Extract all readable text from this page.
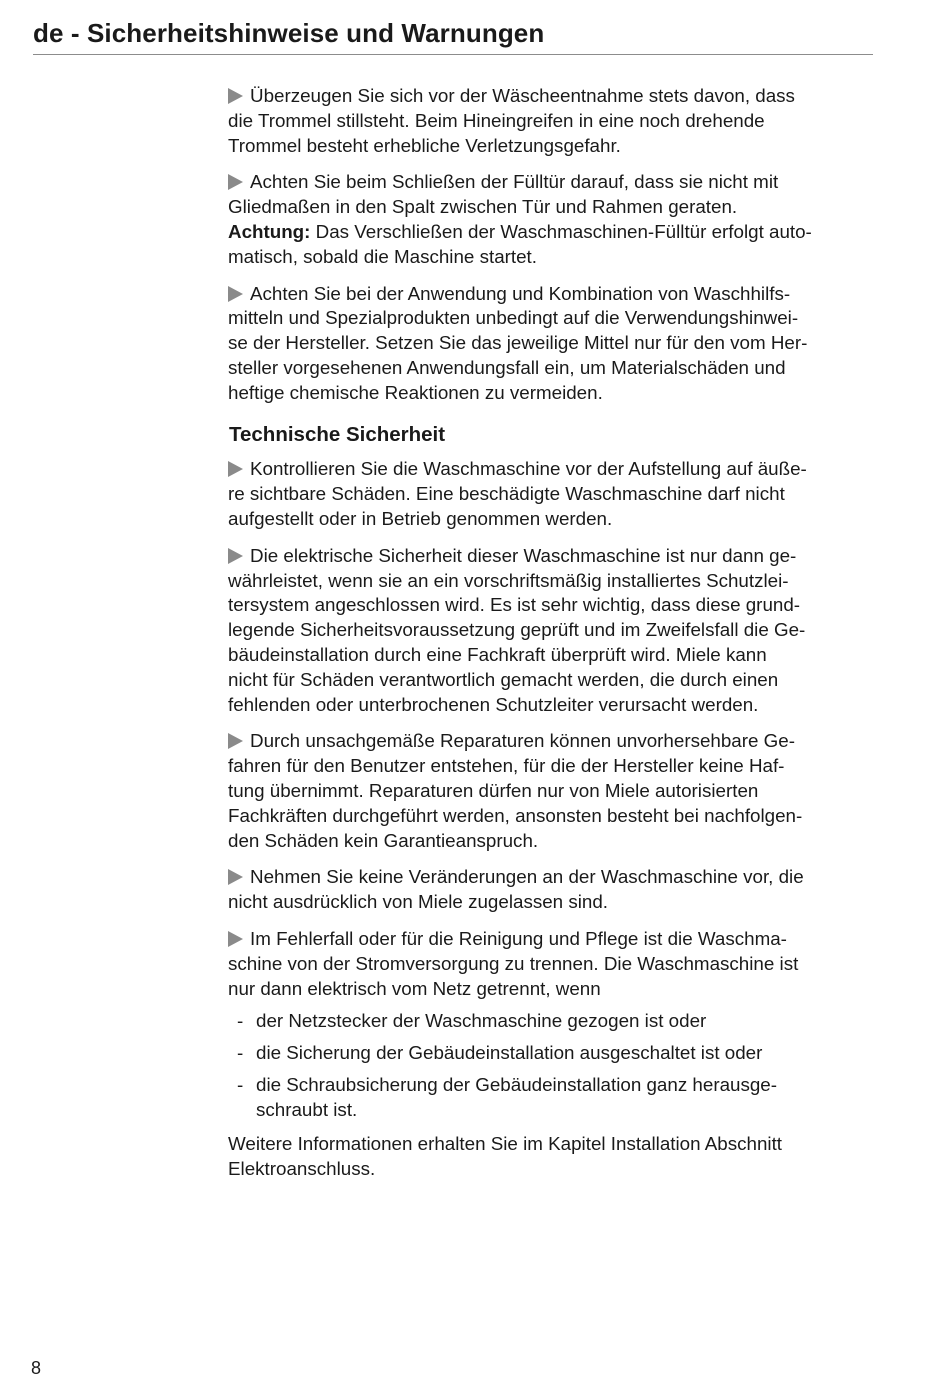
de - Sicherheitshinweise und Warnungen
Überzeugen Sie sich vor der Wäscheentnahme stets davon, dass
die Trommel stillsteht. Beim Hineingreifen in eine noch drehende
Trommel besteht erhebliche Verletzungsgefahr.
Achten Sie beim Schließen der Fülltür darauf, dass sie nicht mit
Gliedmaßen in den Spalt zwischen Tür und Rahmen geraten.
Achtung: Das Verschließen der Waschmaschinen-Fülltür erfolgt auto-
matisch, sobald die Maschine startet.
Achten Sie bei der Anwendung und Kombination von Waschhilfs-
mitteln und Spezialprodukten unbedingt auf die Verwendungshinwei-
se der Hersteller. Setzen Sie das jeweilige Mittel nur für den vom Her-
steller vorgesehenen Anwendungsfall ein, um Materialschäden und
heftige chemische Reaktionen zu vermeiden.
Technische Sicherheit
Kontrollieren Sie die Waschmaschine vor der Aufstellung auf äuße-
re sichtbare Schäden. Eine beschädigte Waschmaschine darf nicht
aufgestellt oder in Betrieb genommen werden.
Die elektrische Sicherheit dieser Waschmaschine ist nur dann ge-
währleistet, wenn sie an ein vorschriftsmäßig installiertes Schutzlei-
tersystem angeschlossen wird. Es ist sehr wichtig, dass diese grund-
legende Sicherheitsvoraussetzung geprüft und im Zweifelsfall die Ge-
bäudeinstallation durch eine Fachkraft überprüft wird. Miele kann
nicht für Schäden verantwortlich gemacht werden, die durch einen
fehlenden oder unterbrochenen Schutzleiter verursacht werden.
Durch unsachgemäße Reparaturen können unvorhersehbare Ge-
fahren für den Benutzer entstehen, für die der Hersteller keine Haf-
tung übernimmt. Reparaturen dürfen nur von Miele autorisierten
Fachkräften durchgeführt werden, ansonsten besteht bei nachfolgen-
den Schäden kein Garantieanspruch.
Nehmen Sie keine Veränderungen an der Waschmaschine vor, die
nicht ausdrücklich von Miele zugelassen sind.
Im Fehlerfall oder für die Reinigung und Pflege ist die Waschma-
schine von der Stromversorgung zu trennen. Die Waschmaschine ist
nur dann elektrisch vom Netz getrennt, wenn
- der Netzstecker der Waschmaschine gezogen ist oder
- die Sicherung der Gebäudeinstallation ausgeschaltet ist oder
- die Schraubsicherung der Gebäudeinstallation ganz herausge-
schraubt ist.
Weitere Informationen erhalten Sie im Kapitel Installation Abschnitt
Elektroanschluss.
8
